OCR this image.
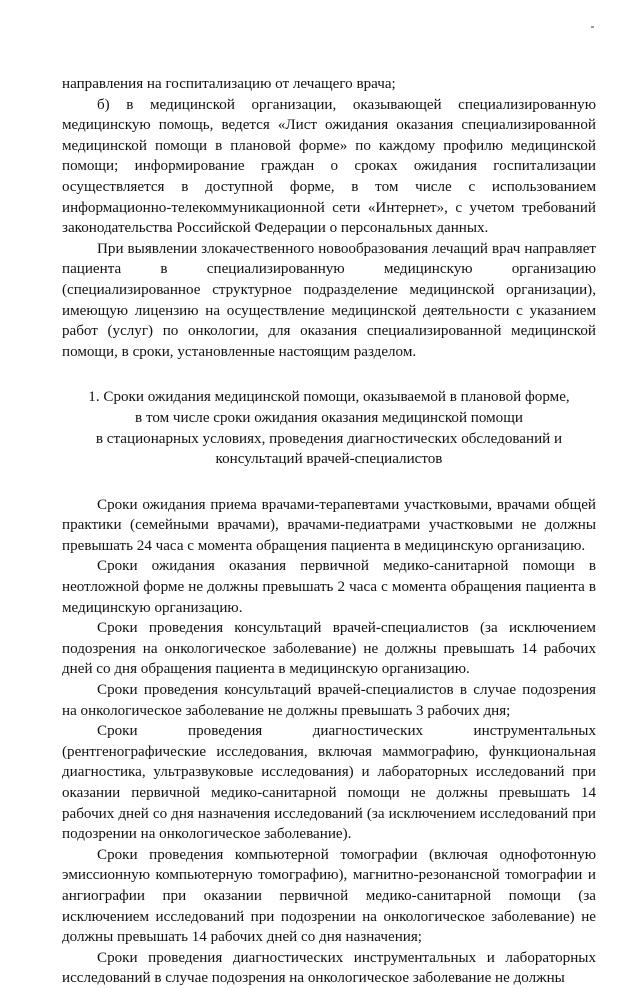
направления на госпитализацию от лечащего врача;

б) в медицинской организации, оказывающей специализированную медицинскую помощь, ведется «Лист ожидания оказания специализированной медицинской помощи в плановой форме» по каждому профилю медицинской помощи; информирование граждан о сроках ожидания госпитализации осуществляется в доступной форме, в том числе с использованием информационно-телекоммуникационной сети «Интернет», с учетом требований законодательства Российской Федерации о персональных данных.

При выявлении злокачественного новообразования лечащий врач направляет пациента в специализированную медицинскую организацию (специализированное структурное подразделение медицинской организации), имеющую лицензию на осуществление медицинской деятельности с указанием работ (услуг) по онкологии, для оказания специализированной медицинской помощи, в сроки, установленные настоящим разделом.

1. Сроки ожидания медицинской помощи, оказываемой в плановой форме,
в том числе сроки ожидания оказания медицинской помощи
в стационарных условиях, проведения диагностических обследований и
консультаций врачей-специалистов

Сроки ожидания приема врачами-терапевтами участковыми, врачами общей практики (семейными врачами), врачами-педиатрами участковыми не должны превышать 24 часа с момента обращения пациента в медицинскую организацию.

Сроки ожидания оказания первичной медико-санитарной помощи в неотложной форме не должны превышать 2 часа с момента обращения пациента в медицинскую организацию.

Сроки проведения консультаций врачей-специалистов (за исключением подозрения на онкологическое заболевание) не должны превышать 14 рабочих дней со дня обращения пациента в медицинскую организацию.

Сроки проведения консультаций врачей-специалистов в случае подозрения на онкологическое заболевание не должны превышать 3 рабочих дня;

Сроки проведения диагностических инструментальных (рентгенографические исследования, включая маммографию, функциональная диагностика, ультразвуковые исследования) и лабораторных исследований при оказании первичной медико-санитарной помощи не должны превышать 14 рабочих дней со дня назначения исследований (за исключением исследований при подозрении на онкологическое заболевание).

Сроки проведения компьютерной томографии (включая однофотонную эмиссионную компьютерную томографию), магнитно-резонансной томографии и ангиографии при оказании первичной медико-санитарной помощи (за исключением исследований при подозрении на онкологическое заболевание) не должны превышать 14 рабочих дней со дня назначения;

Сроки проведения диагностических инструментальных и лабораторных исследований в случае подозрения на онкологическое заболевание не должны
